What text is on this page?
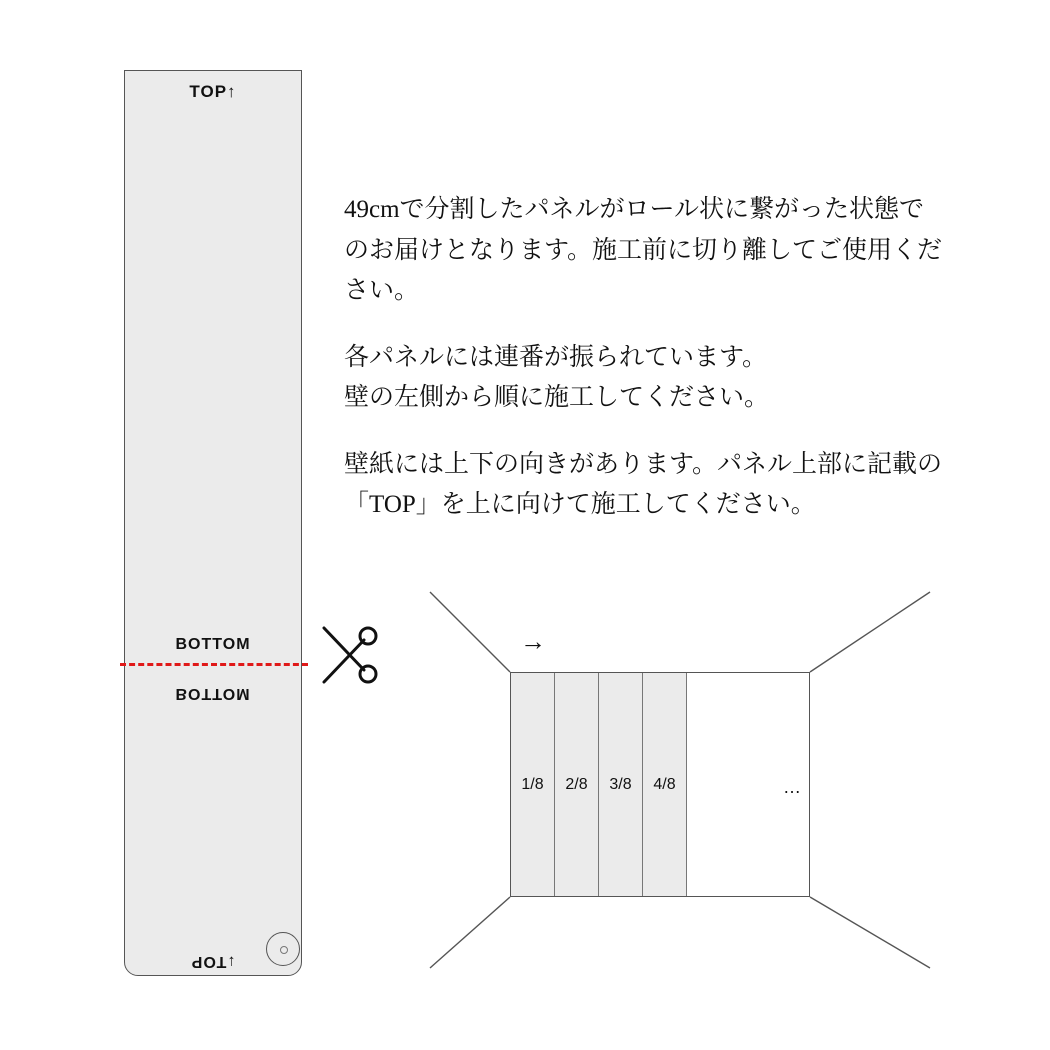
TOP↑
BOTTOM
BOTTOM
↓TOP

49cmで分割したパネルがロール状に繋がった状態でのお届けとなります。施工前に切り離してご使用ください。

各パネルには連番が振られています。

壁の左側から順に施工してください。

壁紙には上下の向きがあります。パネル上部に記載の

「TOP」を上に向けて施工してください。

→
1/8	2/8	3/8	4/8	…
